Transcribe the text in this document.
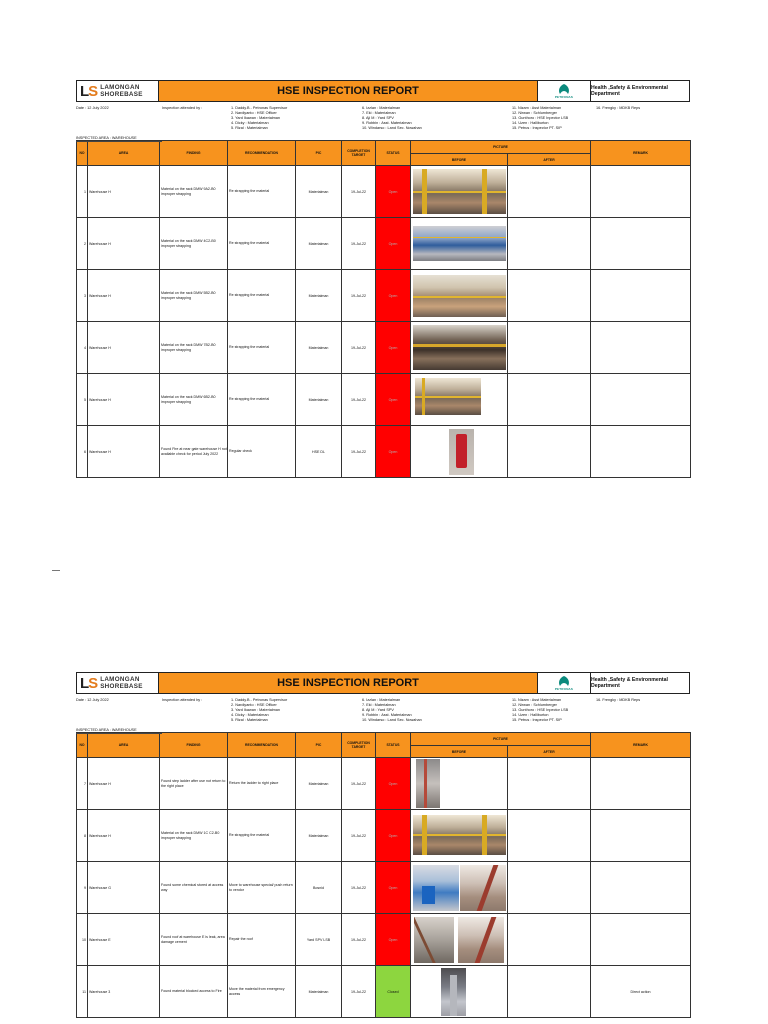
LS LAMONGAN
SHOREBASE	HSE INSPECTION REPORT	PETRONAS
Health ,Safety & Environmental Department
Date : 12 July 2022	Inspection attended by :	1. Daddy.B - Petronas Supervisor
2. Nardiyanto : HSE Officer
3. Yard Ikawan : Materialman
4. Dicky : Materialman
5. Rizal : Materialman
6. Izzlan : Materialman
7. Eki : Materialman
8. Aji M : Yard SPV
9. Robbin : Asst. Materialman
10. Windarso : Land Sec. Nowahan
11. Nizam : Asst Materialman
12. Nirwan : Schlumberger
13. Gunthoro : HSE Inpector LSB
14. Uzen : Halliburton
15. Petrus : Inspector PT. SIP
16. Frengky : MDKB Reps
INSPECTED AREA : WAREHOUSE
NO	AREA	FINDING	RECOMMENDATION	PIC	COMPLETION TARGET	STATUS	PICTURE		REMARK
							BEFORE	AFTER	
1	Warehouse H	Material on the rack DMW 9A2-B0 improper strapping	Re strapping the material	Materialman	19-Jul-22	Open	

2	Warehouse H	Material on the rack DMW 4C2-B0 improper strapping	Re strapping the material	Materialman	19-Jul-22	Open	

3	Warehouse H	Material on the rack DMW 5B2-B0 improper strapping	Re strapping the material	Materialman	19-Jul-22	Open	

4	Warehouse H	Material on the rack DMW 7B2-B0 improper strapping	Re strapping the material	Materialman	19-Jul-22	Open	

5	Warehouse H	Material on the rack DMW 6B2-B0 improper strapping	Re strapping the material	Materialman	19-Jul-22	Open	

6	Warehouse H	Found Fire at near gate warehouse H not available check for period July 2022	Regular check	HSE DL	19-Jul-22	Open	

LS LAMONGAN
SHOREBASE	HSE INSPECTION REPORT	PETRONAS
Health ,Safety & Environmental Department
Date : 12 July 2022	Inspection attended by :	1. Daddy.B - Petronas Supervisor
2. Nardiyanto : HSE Officer
3. Yard Ikawan : Materialman
4. Dicky : Materialman
5. Rizal : Materialman
6. Izzlan : Materialman
7. Eki : Materialman
8. Aji M : Yard SPV
9. Robbin : Asst. Materialman
10. Windarso : Land Sec. Nowahan
11. Nizam : Asst Materialman
12. Nirwan : Schlumberger
13. Gunthoro : HSE Inpector LSB
14. Uzen : Halliburton
15. Petrus : Inspector PT. SIP
16. Frengky : MDKB Reps
INSPECTED AREA : WAREHOUSE
NO	AREA	FINDING	RECOMMENDATION	PIC	COMPLETION TARGET	STATUS	PICTURE		REMARK
							BEFORE	AFTER	
7	Warehouse H	Found step ladder after use not return to the right place	Return the ladder to right place	Materialman	19-Jul-22	Open	

8	Warehouse H	Material on the rack DMW 1C C2-B0 improper strapping	Re strapping the material	Materialman	19-Jul-22	Open	

9	Warehouse G	Found some chemical stored at access way	Move to warehouse special/ push return to vendor	Bosnid	19-Jul-22	Open	

10	Warehouse E	Found roof at warehouse E is leak, area damage cement	Repair the roof	Yard SPV LSB	19-Jul-22	Open	

11	Warehouse 3	Found material blocked access to Fire	Move the material from emergency access	Materialman	19-Jul-22	Closed			Direct action
